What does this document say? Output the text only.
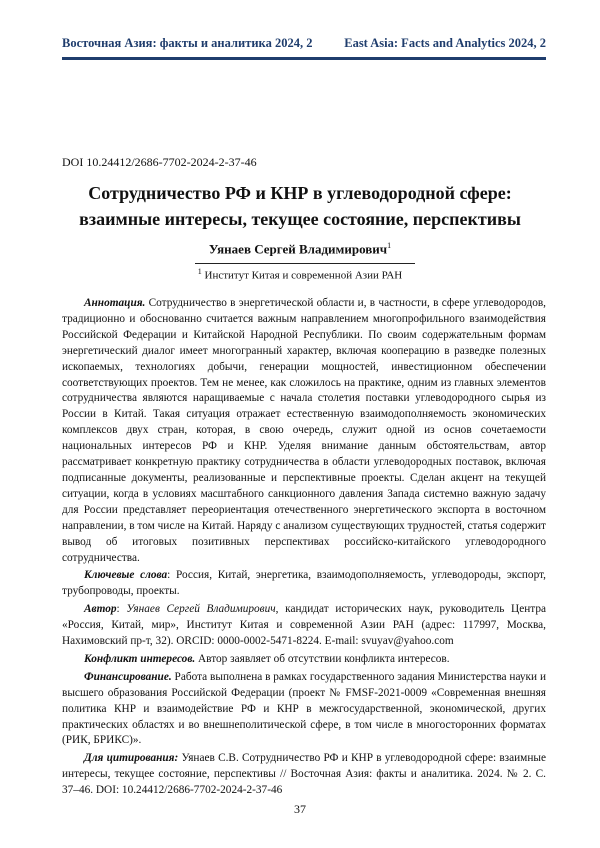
Восточная Азия: факты и аналитика 2024, 2	East Asia: Facts and Analytics 2024, 2
DOI 10.24412/2686-7702-2024-2-37-46
Сотрудничество РФ и КНР в углеводородной сфере:
взаимные интересы, текущее состояние, перспективы
Уянаев Сергей Владимирович$^1$
$^1$ Институт Китая и современной Азии РАН

Аннотация. Сотрудничество в энергетической области и, в частности, в сфере углеводородов, традиционно и обоснованно считается важным направлением многопрофильного взаимодействия Российской Федерации и Китайской Народной Республики. По своим содержательным формам энергетический диалог имеет многогранный характер, включая кооперацию в разведке полезных ископаемых, технологиях добычи, генерации мощностей, инвестиционном обеспечении соответствующих проектов. Тем не менее, как сложилось на практике, одним из главных элементов сотрудничества являются наращиваемые с начала столетия поставки углеводородного сырья из России в Китай. Такая ситуация отражает естественную взаимодополняемость экономических комплексов двух стран, которая, в свою очередь, служит одной из основ сочетаемости национальных интересов РФ и КНР. Уделяя внимание данным обстоятельствам, автор рассматривает конкретную практику сотрудничества в области углеводородных поставок, включая подписанные документы, реализованные и перспективные проекты. Сделан акцент на текущей ситуации, когда в условиях масштабного санкционного давления Запада системно важную задачу для России представляет переориентация отечественного энергетического экспорта в восточном направлении, в том числе на Китай. Наряду с анализом существующих трудностей, статья содержит вывод об итоговых позитивных перспективах российско-китайского углеводородного сотрудничества.

Ключевые слова: Россия, Китай, энергетика, взаимодополняемость, углеводороды, экспорт, трубопроводы, проекты.

Автор: Уянаев Сергей Владимирович, кандидат исторических наук, руководитель Центра «Россия, Китай, мир», Институт Китая и современной Азии РАН (адрес: 117997, Москва, Нахимовский пр-т, 32). ORCID: 0000-0002-5471-8224. E-mail: svuyav@yahoo.com

Конфликт интересов. Автор заявляет об отсутствии конфликта интересов.

Финансирование. Работа выполнена в рамках государственного задания Министерства науки и высшего образования Российской Федерации (проект № FMSF-2021-0009 «Современная внешняя политика КНР и взаимодействие РФ и КНР в межгосударственной, экономической, других практических областях и во внешнеполитической сфере, в том числе в многосторонних форматах (РИК, БРИКС)».

Для цитирования: Уянаев С.В. Сотрудничество РФ и КНР в углеводородной сфере: взаимные интересы, текущее состояние, перспективы // Восточная Азия: факты и аналитика. 2024. № 2. С. 37–46. DOI: 10.24412/2686-7702-2024-2-37-46

37
